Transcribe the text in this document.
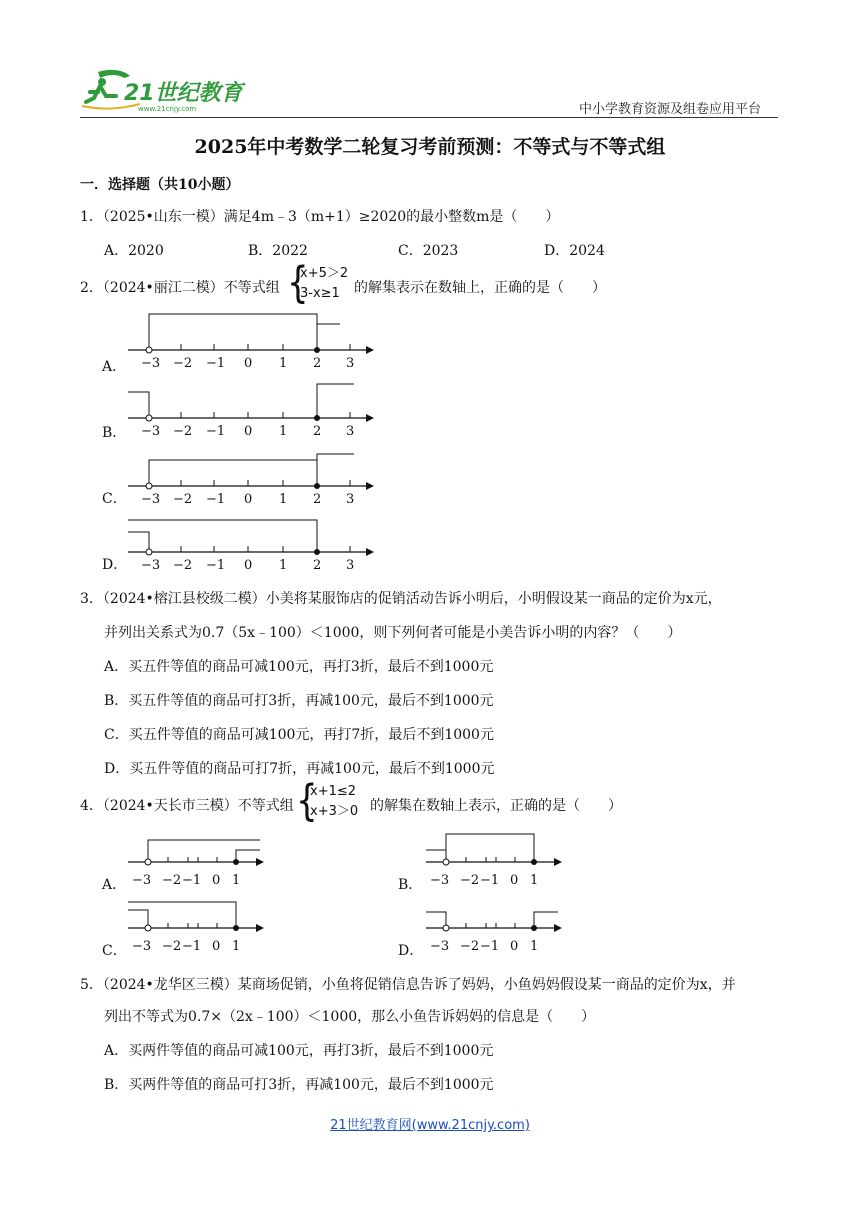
21世纪教育
www.21cnjy.com	中小学教育资源及组卷应用平台
2025年中考数学二轮复习考前预测：不等式与不等式组
一．选择题（共10小题）
1．（2025•山东一模）满足4m﹣3（m+1）≥2020的最小整数m是（　　）
A．2020	B．2022	C．2023	D．2024
2．（2024•丽江二模）不等式组 {
x+5＞2
3-x≥1	的解集表示在数轴上，正确的是（　　）
A． −3 −2 −1 0 1 2 3
B． −3 −2 −1 0 1 2 3
C． −3 −2 −1 0 1 2 3
D． −3 −2 −1 0 1 2 3
3．（2024•榕江县校级二模）小美将某服饰店的促销活动告诉小明后，小明假设某一商品的定价为x元，
并列出关系式为0.7（5x﹣100）＜1000，则下列何者可能是小美告诉小明的内容？（　　）
A．买五件等值的商品可减100元，再打3折，最后不到1000元
B．买五件等值的商品可打3折，再减100元，最后不到1000元
C．买五件等值的商品可减100元，再打7折，最后不到1000元
D．买五件等值的商品可打7折，再减100元，最后不到1000元
4．（2024•天长市三模）不等式组 {
x+1≤2
x+3＞0 的解集在数轴上表示，正确的是（　　）
A． −3 −2 −1 0 1	B． −3 −2 −1 0 1
C． −3 −2 −1 0 1	D． −3 −2 −1 0 1
5．（2024•龙华区三模）某商场促销，小鱼将促销信息告诉了妈妈，小鱼妈妈假设某一商品的定价为x，并
列出不等式为0.7×（2x﹣100）＜1000，那么小鱼告诉妈妈的信息是（　　）
A．买两件等值的商品可减100元，再打3折，最后不到1000元
B．买两件等值的商品可打3折，再减100元，最后不到1000元
21世纪教育网(www.21cnjy.com)
